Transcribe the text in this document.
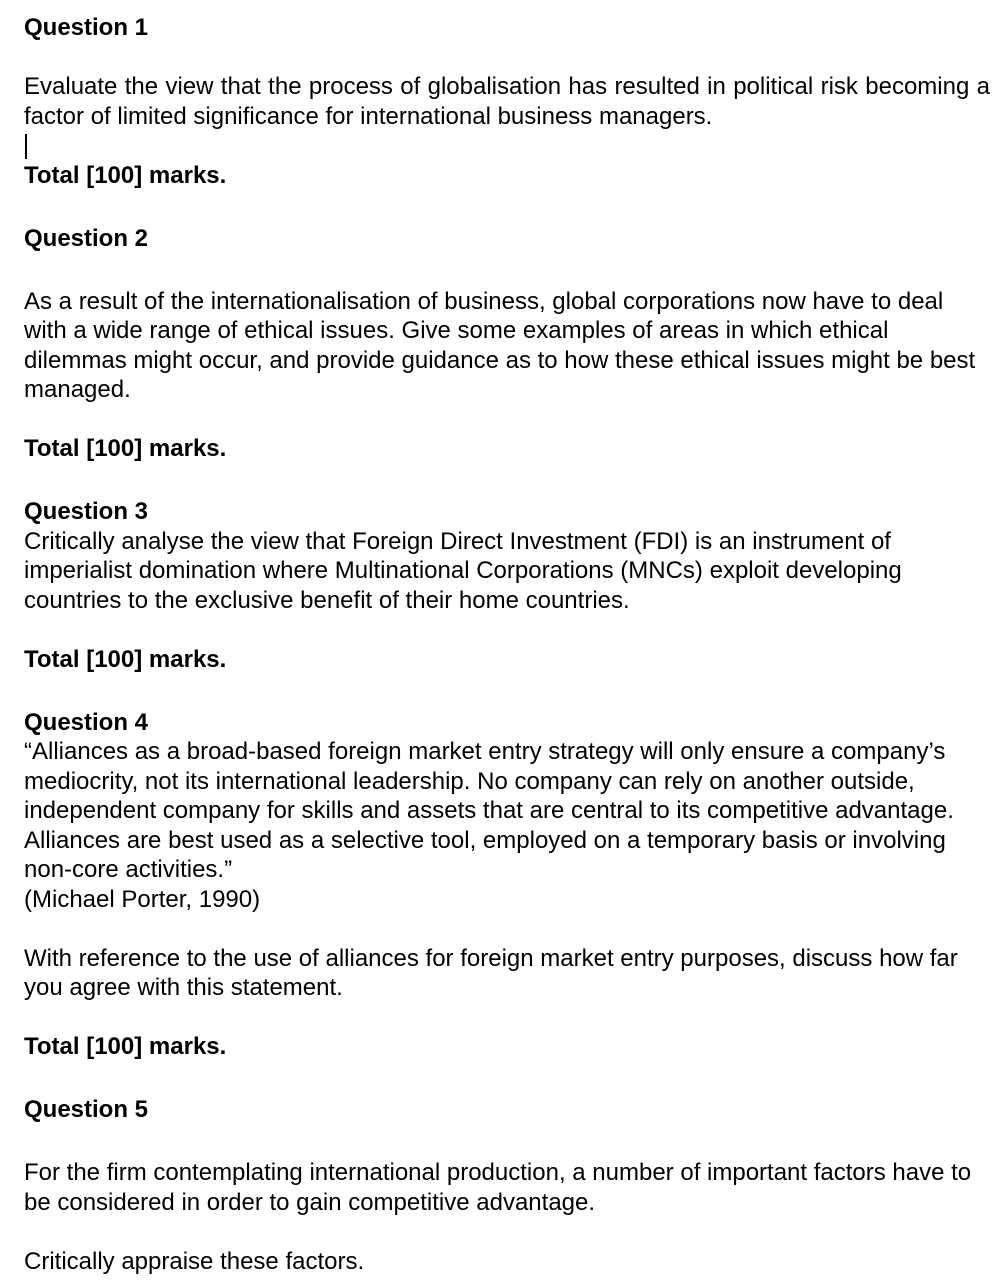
Question 1

Evaluate the view that the process of globalisation has resulted in political risk becoming a factor of limited significance for international business managers.

Total [100] marks.

Question 2

As a result of the internationalisation of business, global corporations now have to deal with a wide range of ethical issues. Give some examples of areas in which ethical dilemmas might occur, and provide guidance as to how these ethical issues might be best managed.

Total [100] marks.

Question 3

Critically analyse the view that Foreign Direct Investment (FDI) is an instrument of imperialist domination where Multinational Corporations (MNCs) exploit developing countries to the exclusive benefit of their home countries.

Total [100] marks.

Question 4

“Alliances as a broad-based foreign market entry strategy will only ensure a company’s mediocrity, not its international leadership. No company can rely on another outside, independent company for skills and assets that are central to its competitive advantage. Alliances are best used as a selective tool, employed on a temporary basis or involving non-core activities.”

(Michael Porter, 1990)

With reference to the use of alliances for foreign market entry purposes, discuss how far you agree with this statement.

Total [100] marks.

Question 5

For the firm contemplating international production, a number of important factors have to be considered in order to gain competitive advantage.

Critically appraise these factors.
